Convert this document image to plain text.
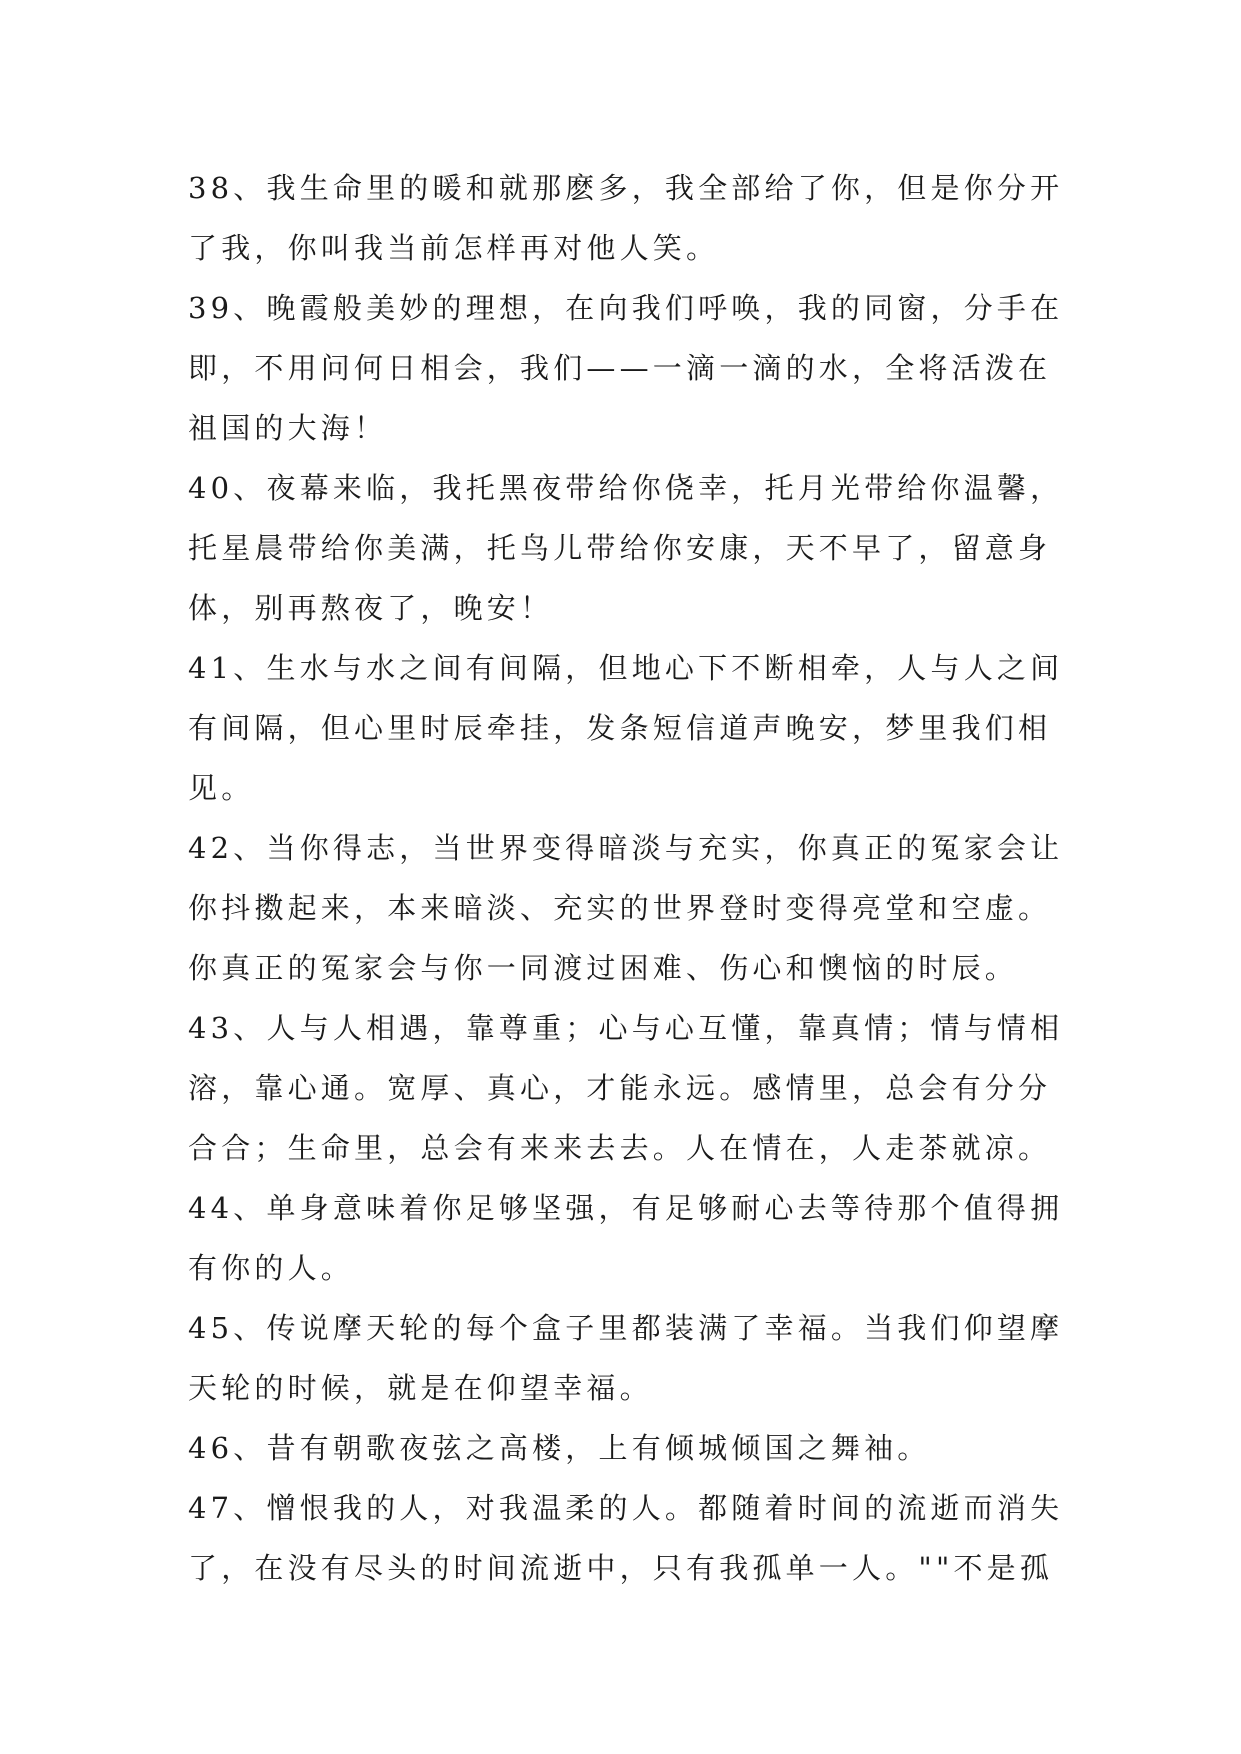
38、我生命里的暖和就那麽多，我全部给了你，但是你分开
了我，你叫我当前怎样再对他人笑。
39、晚霞般美妙的理想，在向我们呼唤，我的同窗，分手在
即，不用问何日相会，我们——一滴一滴的水，全将活泼在
祖国的大海！
40、夜幕来临，我托黑夜带给你侥幸，托月光带给你温馨，
托星晨带给你美满，托鸟儿带给你安康，天不早了，留意身
体，别再熬夜了，晚安！
41、生水与水之间有间隔，但地心下不断相牵，人与人之间
有间隔，但心里时辰牵挂，发条短信道声晚安，梦里我们相
见。
42、当你得志，当世界变得暗淡与充实，你真正的冤家会让
你抖擞起来，本来暗淡、充实的世界登时变得亮堂和空虚。
你真正的冤家会与你一同渡过困难、伤心和懊恼的时辰。
43、人与人相遇，靠尊重；心与心互懂，靠真情；情与情相
溶，靠心通。宽厚、真心，才能永远。感情里，总会有分分
合合；生命里，总会有来来去去。人在情在，人走茶就凉。
44、单身意味着你足够坚强，有足够耐心去等待那个值得拥
有你的人。
45、传说摩天轮的每个盒子里都装满了幸福。当我们仰望摩
天轮的时候，就是在仰望幸福。
46、昔有朝歌夜弦之高楼，上有倾城倾国之舞袖。
47、憎恨我的人，对我温柔的人。都随着时间的流逝而消失
了，在没有尽头的时间流逝中，只有我孤单一人。""不是孤
